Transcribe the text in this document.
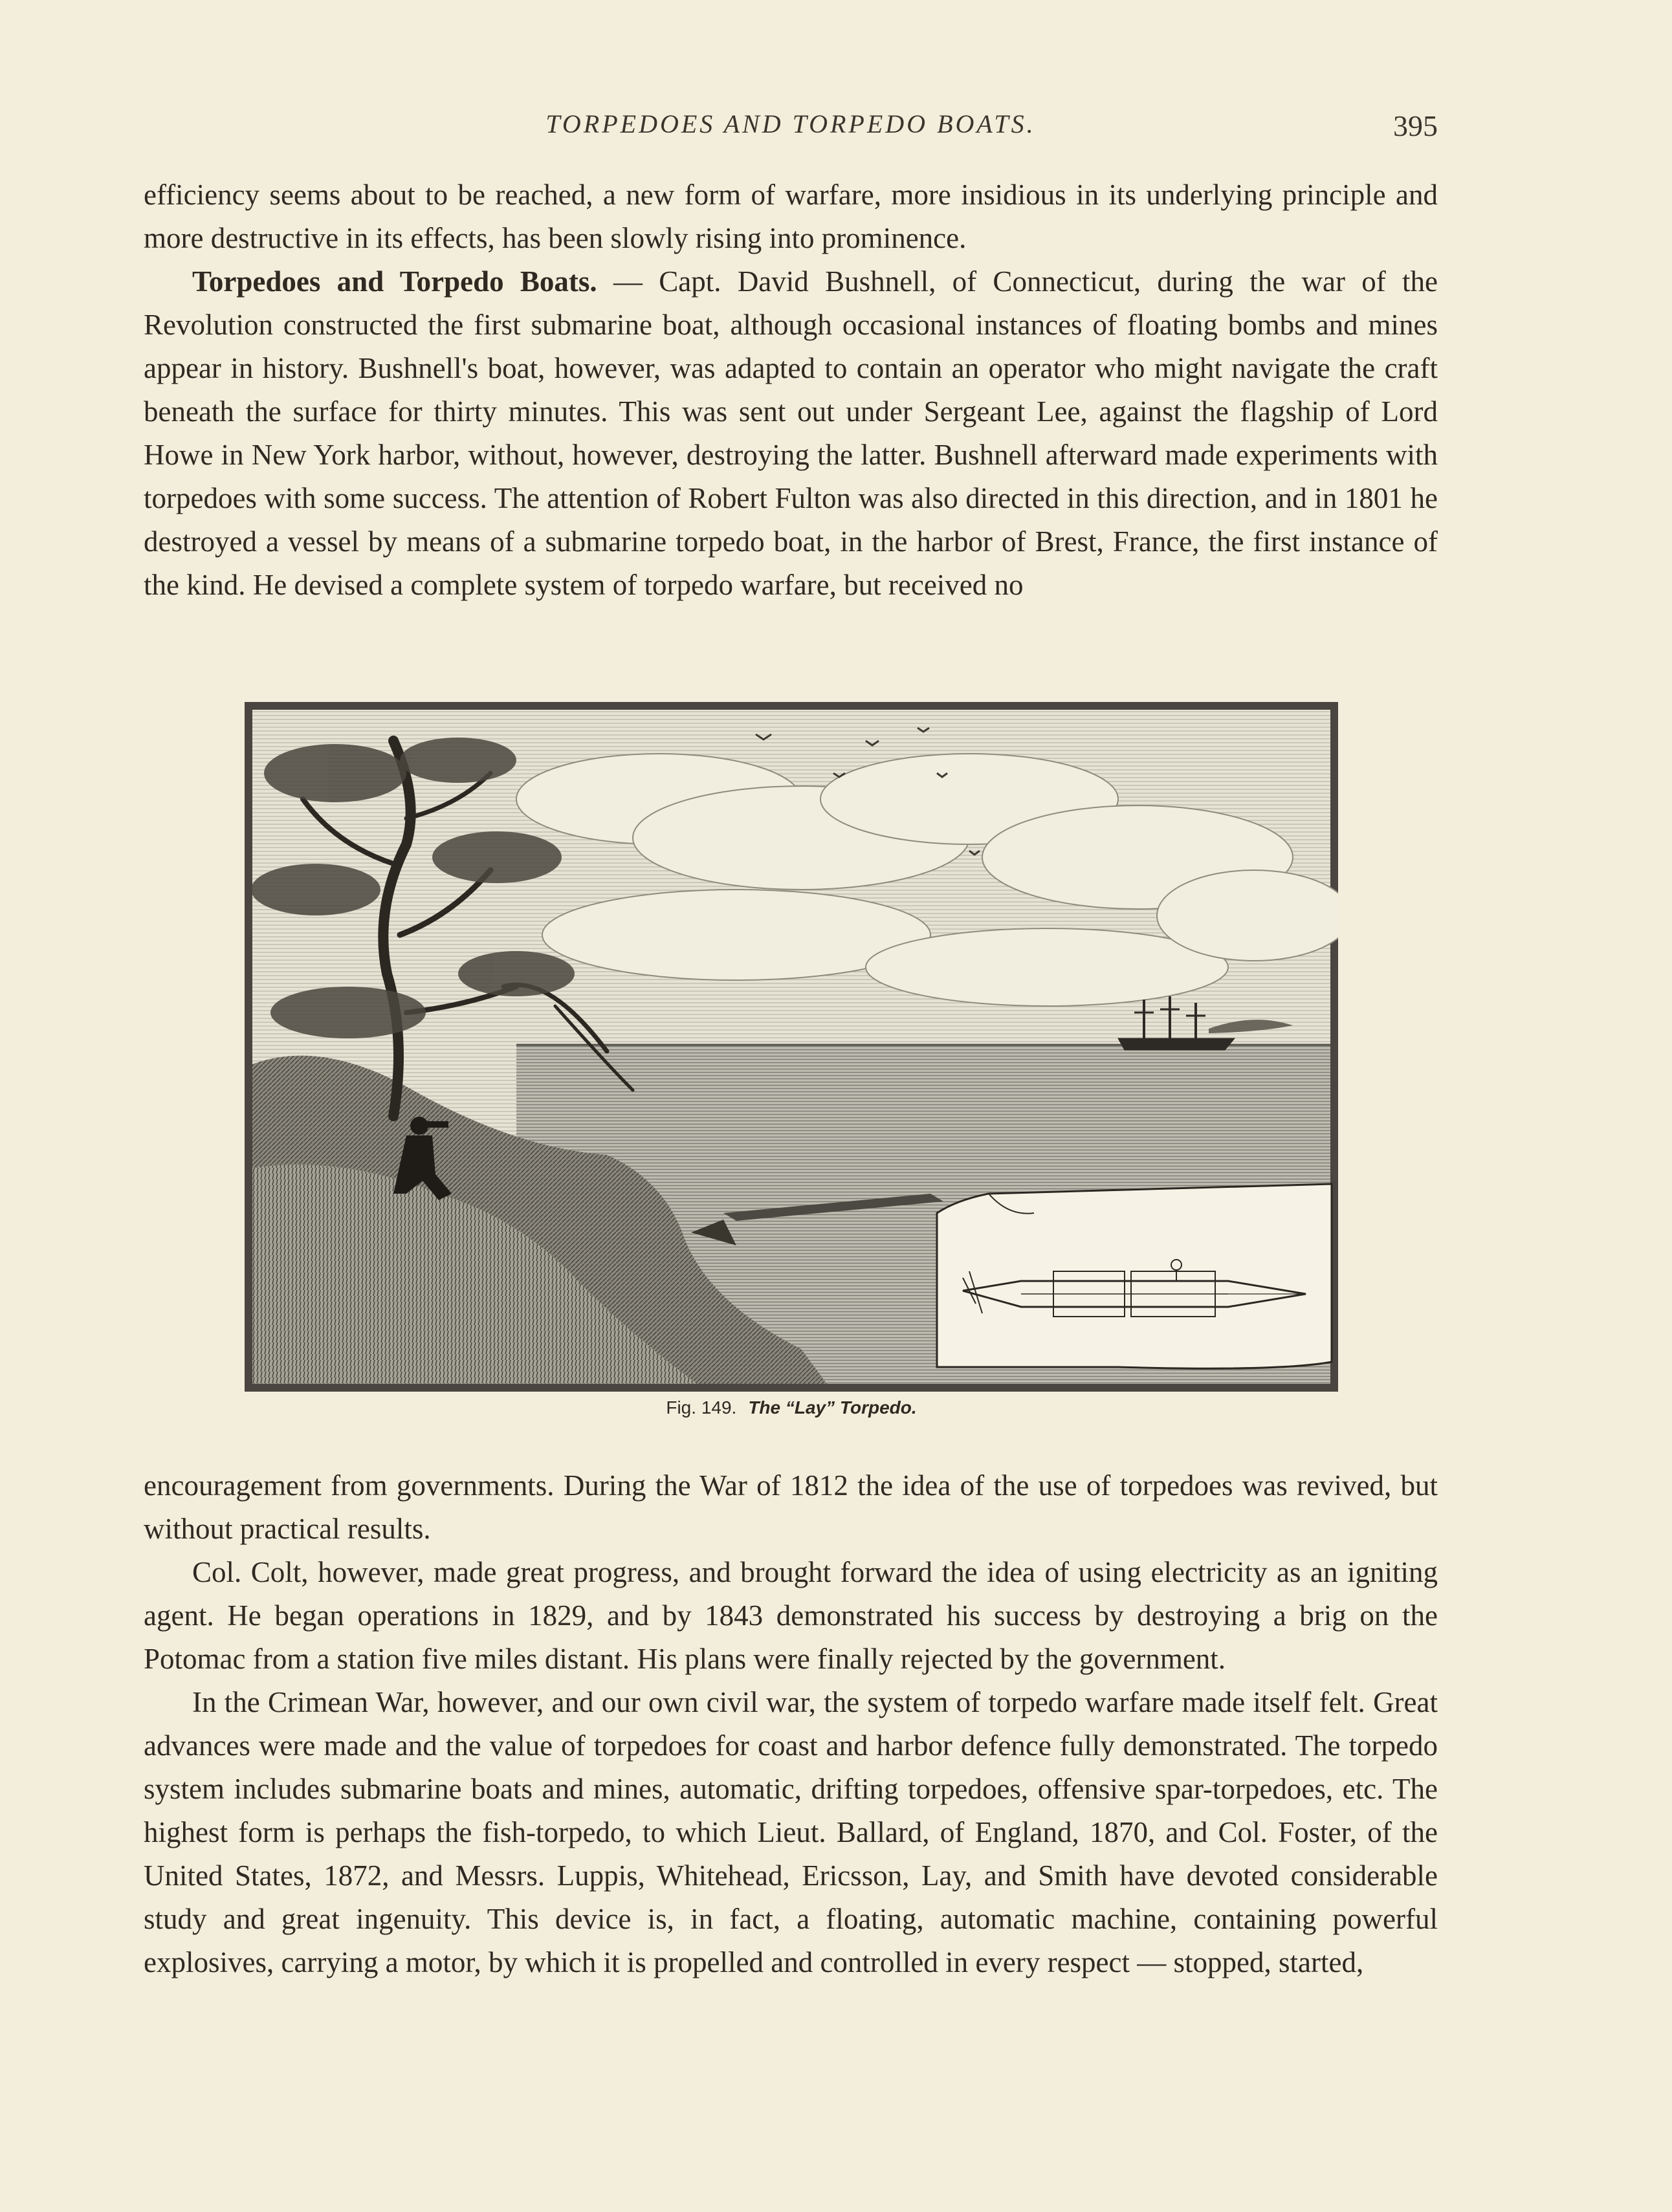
TORPEDOES AND TORPEDO BOATS.	395

efficiency seems about to be reached, a new form of warfare, more insidious in its underlying principle and more destructive in its effects, has been slowly rising into prominence.

Torpedoes and Torpedo Boats. — Capt. David Bushnell, of Connecticut, during the war of the Revolution constructed the first submarine boat, although occasional instances of floating bombs and mines appear in history. Bushnell's boat, however, was adapted to contain an operator who might navigate the craft beneath the surface for thirty minutes. This was sent out under Sergeant Lee, against the flagship of Lord Howe in New York harbor, without, however, destroying the latter. Bushnell afterward made experiments with torpedoes with some success. The attention of Robert Fulton was also directed in this direction, and in 1801 he destroyed a vessel by means of a submarine torpedo boat, in the harbor of Brest, France, the first instance of the kind. He devised a complete system of torpedo warfare, but received no

Fig. 149. The “Lay” Torpedo.

encouragement from governments. During the War of 1812 the idea of the use of torpedoes was revived, but without practical results.

Col. Colt, however, made great progress, and brought forward the idea of using electricity as an igniting agent. He began operations in 1829, and by 1843 demonstrated his success by destroying a brig on the Potomac from a station five miles distant. His plans were finally rejected by the government.

In the Crimean War, however, and our own civil war, the system of torpedo warfare made itself felt. Great advances were made and the value of torpedoes for coast and harbor defence fully demonstrated. The torpedo system includes submarine boats and mines, automatic, drifting torpedoes, offensive spar-torpedoes, etc. The highest form is perhaps the fish-torpedo, to which Lieut. Ballard, of England, 1870, and Col. Foster, of the United States, 1872, and Messrs. Luppis, Whitehead, Ericsson, Lay, and Smith have devoted considerable study and great ingenuity. This device is, in fact, a floating, automatic machine, containing powerful explosives, carrying a motor, by which it is propelled and controlled in every respect — stopped, started,
